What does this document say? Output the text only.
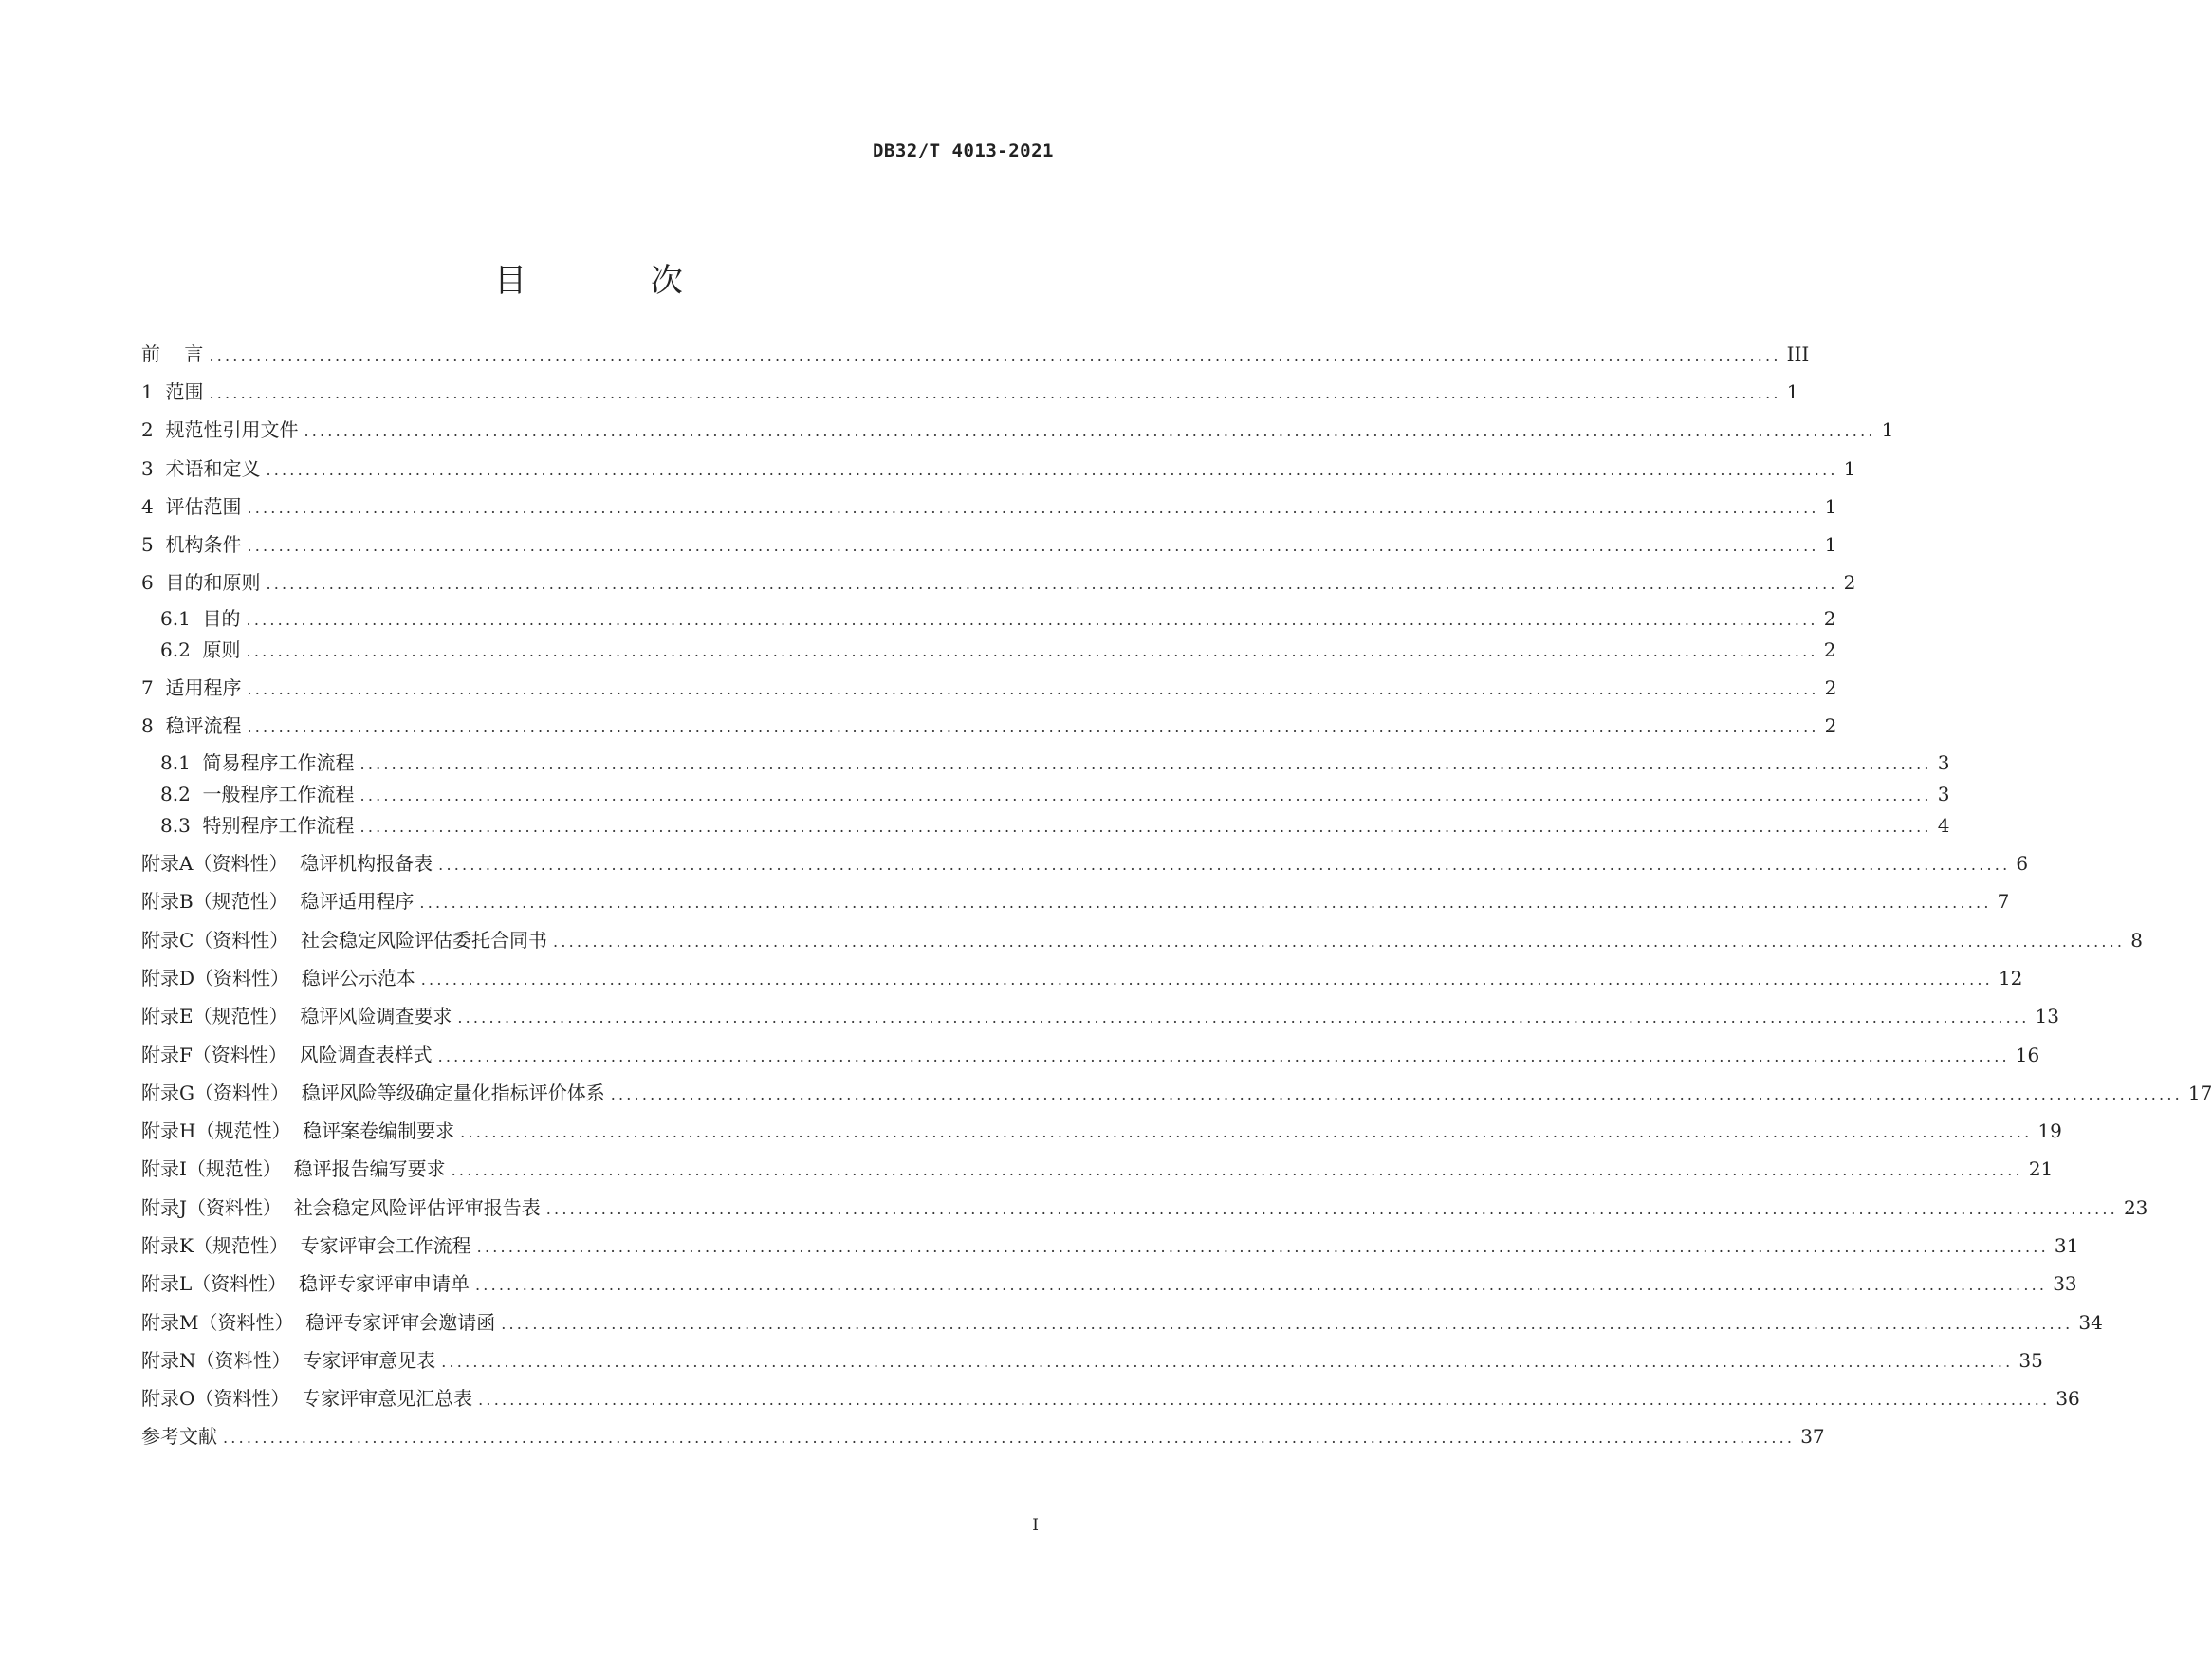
DB32/T 4013-2021
目 次
前 言 ........................................................................................................................................................................................................ III
1 范围 ........................................................................................................................................................................................................ 1
2 规范性引用文件 ........................................................................................................................................................................................................ 1
3 术语和定义 ........................................................................................................................................................................................................ 1
4 评估范围 ........................................................................................................................................................................................................ 1
5 机构条件 ........................................................................................................................................................................................................ 1
6 目的和原则 ........................................................................................................................................................................................................ 2
6.1 目的 ........................................................................................................................................................................................................ 2
6.2 原则 ........................................................................................................................................................................................................ 2
7 适用程序 ........................................................................................................................................................................................................ 2
8 稳评流程 ........................................................................................................................................................................................................ 2
8.1 简易程序工作流程 ........................................................................................................................................................................................................ 3
8.2 一般程序工作流程 ........................................................................................................................................................................................................ 3
8.3 特别程序工作流程 ........................................................................................................................................................................................................ 4
附录A（资料性） 稳评机构报备表 ........................................................................................................................................................................................................ 6
附录B（规范性） 稳评适用程序 ........................................................................................................................................................................................................ 7
附录C（资料性） 社会稳定风险评估委托合同书 ........................................................................................................................................................................................................ 8
附录D（资料性） 稳评公示范本 ........................................................................................................................................................................................................ 12
附录E（规范性） 稳评风险调查要求 ........................................................................................................................................................................................................ 13
附录F（资料性） 风险调查表样式 ........................................................................................................................................................................................................ 16
附录G（资料性） 稳评风险等级确定量化指标评价体系 ........................................................................................................................................................................................................ 17
附录H（规范性） 稳评案卷编制要求 ........................................................................................................................................................................................................ 19
附录I（规范性） 稳评报告编写要求 ........................................................................................................................................................................................................ 21
附录J（资料性） 社会稳定风险评估评审报告表 ........................................................................................................................................................................................................ 23
附录K（规范性） 专家评审会工作流程 ........................................................................................................................................................................................................ 31
附录L（资料性） 稳评专家评审申请单 ........................................................................................................................................................................................................ 33
附录M（资料性） 稳评专家评审会邀请函 ........................................................................................................................................................................................................ 34
附录N（资料性） 专家评审意见表 ........................................................................................................................................................................................................ 35
附录O（资料性） 专家评审意见汇总表 ........................................................................................................................................................................................................ 36
参考文献 ........................................................................................................................................................................................................ 37
I
